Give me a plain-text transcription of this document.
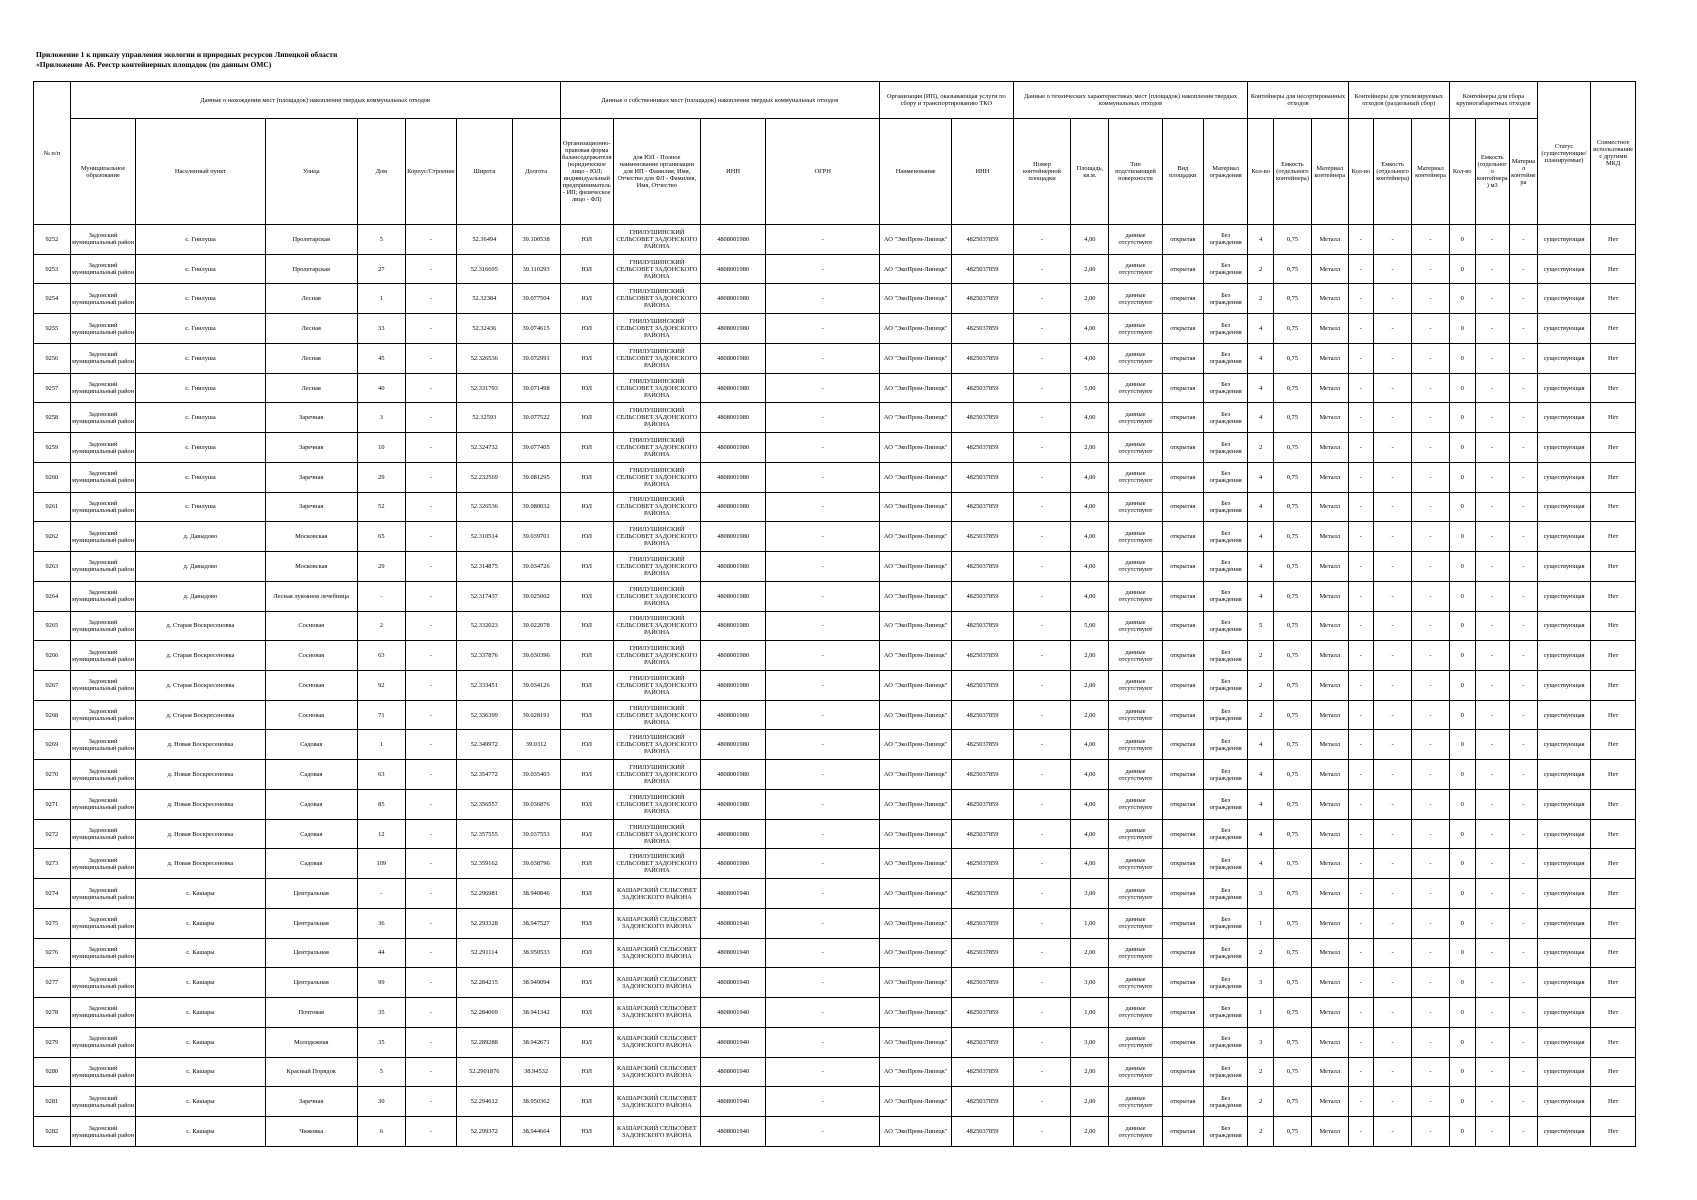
Приложение 1 к приказу управления экологии и природных ресурсов Липецкой области
«Приложение А6. Реестр контейнерных площадок (по данным ОМС)
№ п/п	Данные о нахождении мест (площадок) накопления твердых коммунальных отходов							Данные о собственниках мест (площадок) накопления твердых коммунальных отходов				Организация (ИП), оказывающая услуги по сбору и транспортированию ТКО		Данные о технических характеристиках мест (площадок) накопления твердых коммунальных отходов					Контейнеры для несортированных отходов			Контейнеры для утилизируемых отходов (раздельный сбор)			Контейнеры для сбора крупногабаритных отходов			Статус (существующие/планируемые)	Совместное использование с другими МКД
	Муниципальное образование	Населенный пункт	Улица	Дом	Корпус/Строение	Широта	Долгота	Организационно-правовая форма балансодержателя (юридическое лицо - ЮЛ; индивидуальный предприниматель - ИП; физическое лицо - ФЛ)	для ЮЛ - Полное наименование организации для ИП - Фамилия, Имя, Отчество для ФЛ - Фамилия, Имя, Отчество	ИНН	ОГРН	Наименование	ИНН	Номер контейнерной площадки	Площадь, кв.м.	Тип подстилающей поверхности	Вид площадки	Материал ограждения	Кол-во	Емкость (отдельного контейнера)	Материал контейнера	Кол-во	Емкость (отдельного контейнера)	Материал контейнера	Кол-во	Емкость (отдельного контейнера) м3	Материал контейнера		
9252	Задонский муниципальный район	с. Гнилуша	Пролетарская	5	-	52.36494	39.100538	ЮЛ	ГНИЛУШИНСКИЙ СЕЛЬСОВЕТ ЗАДОНСКОГО РАЙОНА	4808001980	-	АО "ЭкоПром-Липецк"	4825037859	-	4,00	данные отсутствуют	открытая	Без ограждения	4	0,75	Металл	-	-	-	0	-	-	существующая	Нет
9253	Задонский муниципальный район	с. Гнилуша	Пролетарская	27	-	52.316695	39.110293	ЮЛ	ГНИЛУШИНСКИЙ СЕЛЬСОВЕТ ЗАДОНСКОГО РАЙОНА	4808001980	-	АО "ЭкоПром-Липецк"	4825037859	-	2,00	данные отсутствуют	открытая	Без ограждения	2	0,75	Металл	-	-	-	0	-	-	существующая	Нет
9254	Задонский муниципальный район	с. Гнилуша	Лесная	1	-	52.32384	39.077504	ЮЛ	ГНИЛУШИНСКИЙ СЕЛЬСОВЕТ ЗАДОНСКОГО РАЙОНА	4808001980	-	АО "ЭкоПром-Липецк"	4825037859	-	2,00	данные отсутствуют	открытая	Без ограждения	2	0,75	Металл	-	-	-	0	-	-	существующая	Нет
9255	Задонский муниципальный район	с. Гнилуша	Лесная	33	-	52.32436	39.074615	ЮЛ	ГНИЛУШИНСКИЙ СЕЛЬСОВЕТ ЗАДОНСКОГО РАЙОНА	4808001980	-	АО "ЭкоПром-Липецк"	4825037859	-	4,00	данные отсутствуют	открытая	Без ограждения	4	0,75	Металл	-	-	-	0	-	-	существующая	Нет
9256	Задонский муниципальный район	с. Гнилуша	Лесная	45	-	52.326536	39.072991	ЮЛ	ГНИЛУШИНСКИЙ СЕЛЬСОВЕТ ЗАДОНСКОГО РАЙОНА	4808001980	-	АО "ЭкоПром-Липецк"	4825037859	-	4,00	данные отсутствуют	открытая	Без ограждения	4	0,75	Металл	-	-	-	0	-	-	существующая	Нет
9257	Задонский муниципальный район	с. Гнилуша	Лесная	40	-	52.331793	39.071498	ЮЛ	ГНИЛУШИНСКИЙ СЕЛЬСОВЕТ ЗАДОНСКОГО РАЙОНА	4808001980	-	АО "ЭкоПром-Липецк"	4825037859	-	5,00	данные отсутствуют	открытая	Без ограждения	4	0,75	Металл	-	-	-	0	-	-	существующая	Нет
9258	Задонский муниципальный район	с. Гнилуша	Заречная	3	-	52.32593	39.077522	ЮЛ	ГНИЛУШИНСКИЙ СЕЛЬСОВЕТ ЗАДОНСКОГО РАЙОНА	4808001980	-	АО "ЭкоПром-Липецк"	4825037859	-	4,00	данные отсутствуют	открытая	Без ограждения	4	0,75	Металл	-	-	-	0	-	-	существующая	Нет
9259	Задонский муниципальный район	с. Гнилуша	Заречная	10	-	52.324732	39.077405	ЮЛ	ГНИЛУШИНСКИЙ СЕЛЬСОВЕТ ЗАДОНСКОГО РАЙОНА	4808001980	-	АО "ЭкоПром-Липецк"	4825037859	-	2,00	данные отсутствуют	открытая	Без ограждения	2	0,75	Металл	-	-	-	0	-	-	существующая	Нет
9260	Задонский муниципальный район	с. Гнилуша	Заречная	29	-	52.232569	39.081295	ЮЛ	ГНИЛУШИНСКИЙ СЕЛЬСОВЕТ ЗАДОНСКОГО РАЙОНА	4808001980	-	АО "ЭкоПром-Липецк"	4825037859	-	4,00	данные отсутствуют	открытая	Без ограждения	4	0,75	Металл	-	-	-	0	-	-	существующая	Нет
9261	Задонский муниципальный район	с. Гнилуша	Заречная	52	-	52.326536	39.080032	ЮЛ	ГНИЛУШИНСКИЙ СЕЛЬСОВЕТ ЗАДОНСКОГО РАЙОНА	4808001980	-	АО "ЭкоПром-Липецк"	4825037859	-	4,00	данные отсутствуют	открытая	Без ограждения	4	0,75	Металл	-	-	-	0	-	-	существующая	Нет
9262	Задонский муниципальный район	д. Давыдово	Московская	65	-	52.310514	39.039701	ЮЛ	ГНИЛУШИНСКИЙ СЕЛЬСОВЕТ ЗАДОНСКОГО РАЙОНА	4808001980	-	АО "ЭкоПром-Липецк"	4825037859	-	4,00	данные отсутствуют	открытая	Без ограждения	4	0,75	Металл	-	-	-	0	-	-	существующая	Нет
9263	Задонский муниципальный район	д. Давыдово	Московская	29	-	52.314875	39.034726	ЮЛ	ГНИЛУШИНСКИЙ СЕЛЬСОВЕТ ЗАДОНСКОГО РАЙОНА	4808001980	-	АО "ЭкоПром-Липецк"	4825037859	-	4,00	данные отсутствуют	открытая	Без ограждения	4	0,75	Металл	-	-	-	0	-	-	существующая	Нет
9264	Задонский муниципальный район	д. Давыдово	Лесная лукоянов лечебница	-	-	52.317437	39.025002	ЮЛ	ГНИЛУШИНСКИЙ СЕЛЬСОВЕТ ЗАДОНСКОГО РАЙОНА	4808001980	-	АО "ЭкоПром-Липецк"	4825037859	-	4,00	данные отсутствуют	открытая	Без ограждения	4	0,75	Металл	-	-	-	0	-	-	существующая	Нет
9265	Задонский муниципальный район	д. Старая Воскресеновка	Сосновая	2	-	52.332023	39.022078	ЮЛ	ГНИЛУШИНСКИЙ СЕЛЬСОВЕТ ЗАДОНСКОГО РАЙОНА	4808001980	-	АО "ЭкоПром-Липецк"	4825037859	-	5,00	данные отсутствуют	открытая	Без ограждения	5	0,75	Металл	-	-	-	0	-	-	существующая	Нет
9266	Задонский муниципальный район	д. Старая Воскресеновка	Сосновая	63	-	52.337876	39.030396	ЮЛ	ГНИЛУШИНСКИЙ СЕЛЬСОВЕТ ЗАДОНСКОГО РАЙОНА	4808001980	-	АО "ЭкоПром-Липецк"	4825037859	-	2,00	данные отсутствуют	открытая	Без ограждения	2	0,75	Металл	-	-	-	0	-	-	существующая	Нет
9267	Задонский муниципальный район	д. Старая Воскресеновка	Сосновая	92	-	52.333451	39.034126	ЮЛ	ГНИЛУШИНСКИЙ СЕЛЬСОВЕТ ЗАДОНСКОГО РАЙОНА	4808001980	-	АО "ЭкоПром-Липецк"	4825037859	-	2,00	данные отсутствуют	открытая	Без ограждения	2	0,75	Металл	-	-	-	0	-	-	существующая	Нет
9268	Задонский муниципальный район	д. Старая Воскресеновка	Сосновая	71	-	52.336399	39.028191	ЮЛ	ГНИЛУШИНСКИЙ СЕЛЬСОВЕТ ЗАДОНСКОГО РАЙОНА	4808001980	-	АО "ЭкоПром-Липецк"	4825037859	-	2,00	данные отсутствуют	открытая	Без ограждения	2	0,75	Металл	-	-	-	0	-	-	существующая	Нет
9269	Задонский муниципальный район	д. Новая Воскресеновка	Садовая	1	-	52.349972	39.0312	ЮЛ	ГНИЛУШИНСКИЙ СЕЛЬСОВЕТ ЗАДОНСКОГО РАЙОНА	4808001980	-	АО "ЭкоПром-Липецк"	4825037859	-	4,00	данные отсутствуют	открытая	Без ограждения	4	0,75	Металл	-	-	-	0	-	-	существующая	Нет
9270	Задонский муниципальный район	д. Новая Воскресеновка	Садовая	63	-	52.354772	39.035403	ЮЛ	ГНИЛУШИНСКИЙ СЕЛЬСОВЕТ ЗАДОНСКОГО РАЙОНА	4808001980	-	АО "ЭкоПром-Липецк"	4825037859	-	4,00	данные отсутствуют	открытая	Без ограждения	4	0,75	Металл	-	-	-	0	-	-	существующая	Нет
9271	Задонский муниципальный район	д. Новая Воскресеновка	Садовая	85	-	52.356557	39.036876	ЮЛ	ГНИЛУШИНСКИЙ СЕЛЬСОВЕТ ЗАДОНСКОГО РАЙОНА	4808001980	-	АО "ЭкоПром-Липецк"	4825037859	-	4,00	данные отсутствуют	открытая	Без ограждения	4	0,75	Металл	-	-	-	0	-	-	существующая	Нет
9272	Задонский муниципальный район	д. Новая Воскресеновка	Садовая	12	-	52.357555	39.037553	ЮЛ	ГНИЛУШИНСКИЙ СЕЛЬСОВЕТ ЗАДОНСКОГО РАЙОНА	4808001980	-	АО "ЭкоПром-Липецк"	4825037859	-	4,00	данные отсутствуют	открытая	Без ограждения	4	0,75	Металл	-	-	-	0	-	-	существующая	Нет
9273	Задонский муниципальный район	д. Новая Воскресеновка	Садовая	109	-	52.359162	39.038796	ЮЛ	ГНИЛУШИНСКИЙ СЕЛЬСОВЕТ ЗАДОНСКОГО РАЙОНА	4808001980	-	АО "ЭкоПром-Липецк"	4825037859	-	4,00	данные отсутствуют	открытая	Без ограждения	4	0,75	Металл	-	-	-	0	-	-	существующая	Нет
9274	Задонский муниципальный район	с. Кашары	Центральная	-	-	52.296981	38.940846	ЮЛ	КАШАРСКИЙ СЕЛЬСОВЕТ ЗАДОНСКОГО РАЙОНА	4808001940	-	АО "ЭкоПром-Липецк"	4825037859	-	3,00	данные отсутствуют	открытая	Без ограждения	3	0,75	Металл	-	-	-	0	-	-	существующая	Нет
9275	Задонский муниципальный район	с. Кашары	Центральная	36	-	52.293328	38.947527	ЮЛ	КАШАРСКИЙ СЕЛЬСОВЕТ ЗАДОНСКОГО РАЙОНА	4808001940	-	АО "ЭкоПром-Липецк"	4825037859	-	1,00	данные отсутствуют	открытая	Без ограждения	1	0,75	Металл	-	-	-	0	-	-	существующая	Нет
9276	Задонский муниципальный район	с. Кашары	Центральная	44	-	52.291114	38.950533	ЮЛ	КАШАРСКИЙ СЕЛЬСОВЕТ ЗАДОНСКОГО РАЙОНА	4808001940	-	АО "ЭкоПром-Липецк"	4825037859	-	2,00	данные отсутствуют	открытая	Без ограждения	2	0,75	Металл	-	-	-	0	-	-	существующая	Нет
9277	Задонский муниципальный район	с. Кашары	Центральная	99	-	52.284215	38.949094	ЮЛ	КАШАРСКИЙ СЕЛЬСОВЕТ ЗАДОНСКОГО РАЙОНА	4808001940	-	АО "ЭкоПром-Липецк"	4825037859	-	3,00	данные отсутствуют	открытая	Без ограждения	3	0,75	Металл	-	-	-	0	-	-	существующая	Нет
9278	Задонский муниципальный район	с. Кашары	Почтовая	35	-	52.284069	38.941342	ЮЛ	КАШАРСКИЙ СЕЛЬСОВЕТ ЗАДОНСКОГО РАЙОНА	4808001940	-	АО "ЭкоПром-Липецк"	4825037859	-	1,00	данные отсутствуют	открытая	Без ограждения	1	0,75	Металл	-	-	-	0	-	-	существующая	Нет
9279	Задонский муниципальный район	с. Кашары	Молодежная	35	-	52.289288	38.942671	ЮЛ	КАШАРСКИЙ СЕЛЬСОВЕТ ЗАДОНСКОГО РАЙОНА	4808001940	-	АО "ЭкоПром-Липецк"	4825037859	-	3,00	данные отсутствуют	открытая	Без ограждения	3	0,75	Металл	-	-	-	0	-	-	существующая	Нет
9280	Задонский муниципальный район	с. Кашары	Красный Порядок	5	-	52.2901876	38.94532	ЮЛ	КАШАРСКИЙ СЕЛЬСОВЕТ ЗАДОНСКОГО РАЙОНА	4808001940	-	АО "ЭкоПром-Липецк"	4825037859	-	2,00	данные отсутствуют	открытая	Без ограждения	2	0,75	Металл	-	-	-	0	-	-	существующая	Нет
9281	Задонский муниципальный район	с. Кашары	Заречная	30	-	52.294612	38.950362	ЮЛ	КАШАРСКИЙ СЕЛЬСОВЕТ ЗАДОНСКОГО РАЙОНА	4808001940	-	АО "ЭкоПром-Липецк"	4825037859	-	2,00	данные отсутствуют	открытая	Без ограждения	2	0,75	Металл	-	-	-	0	-	-	существующая	Нет
9282	Задонский муниципальный район	с. Кашары	Чижовка	6	-	52.299372	38.944664	ЮЛ	КАШАРСКИЙ СЕЛЬСОВЕТ ЗАДОНСКОГО РАЙОНА	4808001940	-	АО "ЭкоПром-Липецк"	4825037859	-	2,00	данные отсутствуют	открытая	Без ограждения	2	0,75	Металл	-	-	-	0	-	-	существующая	Нет
